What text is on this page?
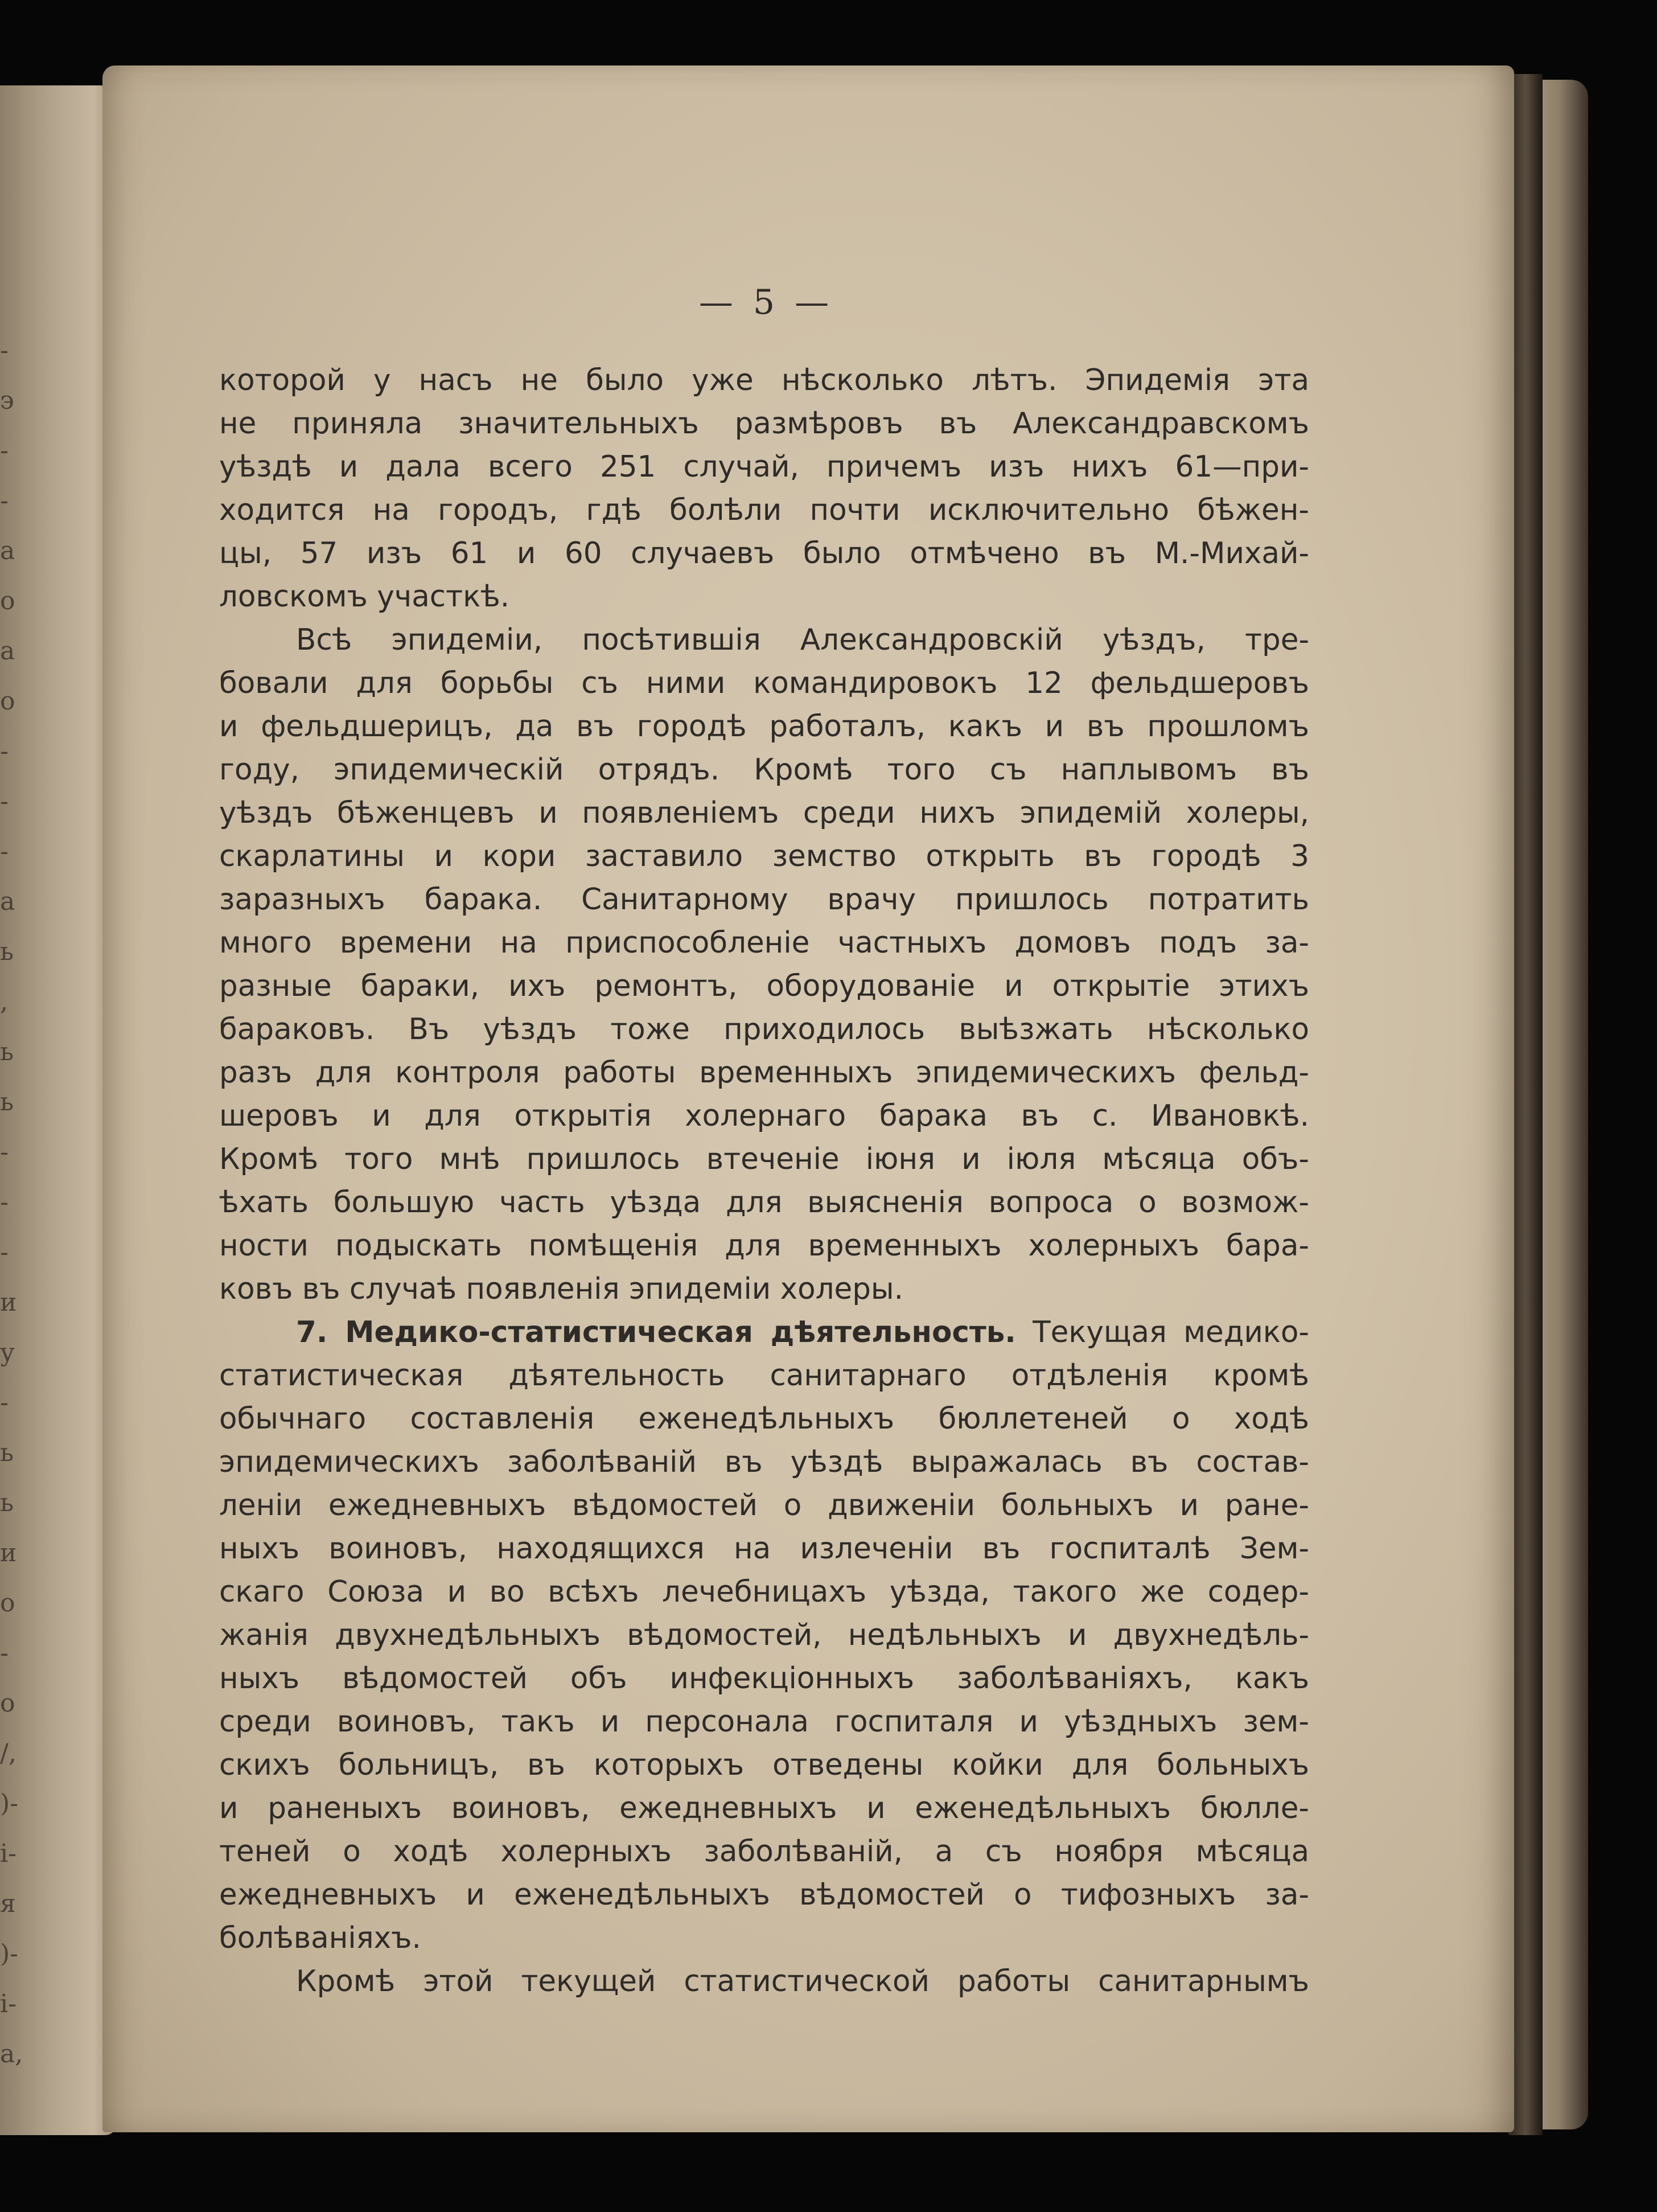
-
э
-
-
а
о
а
о
-
-
-
а
ь
,
ь
ь
-
-
-
и
у
-
ь
ь
и
о
-
о
/,
)-
і-
я
)-
і-
а,
— 5 —
которой у насъ не было уже нѣсколько лѣтъ. Эпидемія эта
не приняла значительныхъ размѣровъ въ Александравскомъ
уѣздѣ и дала всего 251 случай, причемъ изъ нихъ 61—при-
ходится на городъ, гдѣ болѣли почти исключительно бѣжен-
цы, 57 изъ 61 и 60 случаевъ было отмѣчено въ М.-Михай-
ловскомъ участкѣ.
Всѣ эпидеміи, посѣтившія Александровскій уѣздъ, тре-
бовали для борьбы съ ними командировокъ 12 фельдшеровъ
и фельдшерицъ, да въ городѣ работалъ, какъ и въ прошломъ
году, эпидемическій отрядъ. Кромѣ того съ наплывомъ въ
уѣздъ бѣженцевъ и появленіемъ среди нихъ эпидемій холеры,
скарлатины и кори заставило земство открыть въ городѣ 3
заразныхъ барака. Санитарному врачу пришлось потратить
много времени на приспособленіе частныхъ домовъ подъ за-
разные бараки, ихъ ремонтъ, оборудованіе и открытіе этихъ
бараковъ. Въ уѣздъ тоже приходилось выѣзжать нѣсколько
разъ для контроля работы временныхъ эпидемическихъ фельд-
шеровъ и для открытія холернаго барака въ с. Ивановкѣ.
Кромѣ того мнѣ пришлось втеченіе іюня и іюля мѣсяца объ-
ѣхать большую часть уѣзда для выясненія вопроса о возмож-
ности подыскать помѣщенія для временныхъ холерныхъ бара-
ковъ въ случаѣ появленія эпидеміи холеры.
7. Медико-статистическая дѣятельность. Текущая медико-
статистическая дѣятельность санитарнаго отдѣленія кромѣ
обычнаго составленія еженедѣльныхъ бюллетеней о ходѣ
эпидемическихъ заболѣванiй въ уѣздѣ выражалась въ состав-
леніи ежедневныхъ вѣдомостей о движеніи больныхъ и ране-
ныхъ воиновъ, находящихся на излеченіи въ госпиталѣ Зем-
скаго Союза и во всѣхъ лечебницахъ уѣзда, такого же содер-
жанія двухнедѣльныхъ вѣдомостей, недѣльныхъ и двухнедѣль-
ныхъ вѣдомостей объ инфекціонныхъ заболѣваніяхъ, какъ
среди воиновъ, такъ и персонала госпиталя и уѣздныхъ зем-
скихъ больницъ, въ которыхъ отведены койки для больныхъ
и раненыхъ воиновъ, ежедневныхъ и еженедѣльныхъ бюлле-
теней о ходѣ холерныхъ заболѣваній, а съ ноября мѣсяца
ежедневныхъ и еженедѣльныхъ вѣдомостей о тифозныхъ за-
болѣваніяхъ.
Кромѣ этой текущей статистической работы санитарнымъ
